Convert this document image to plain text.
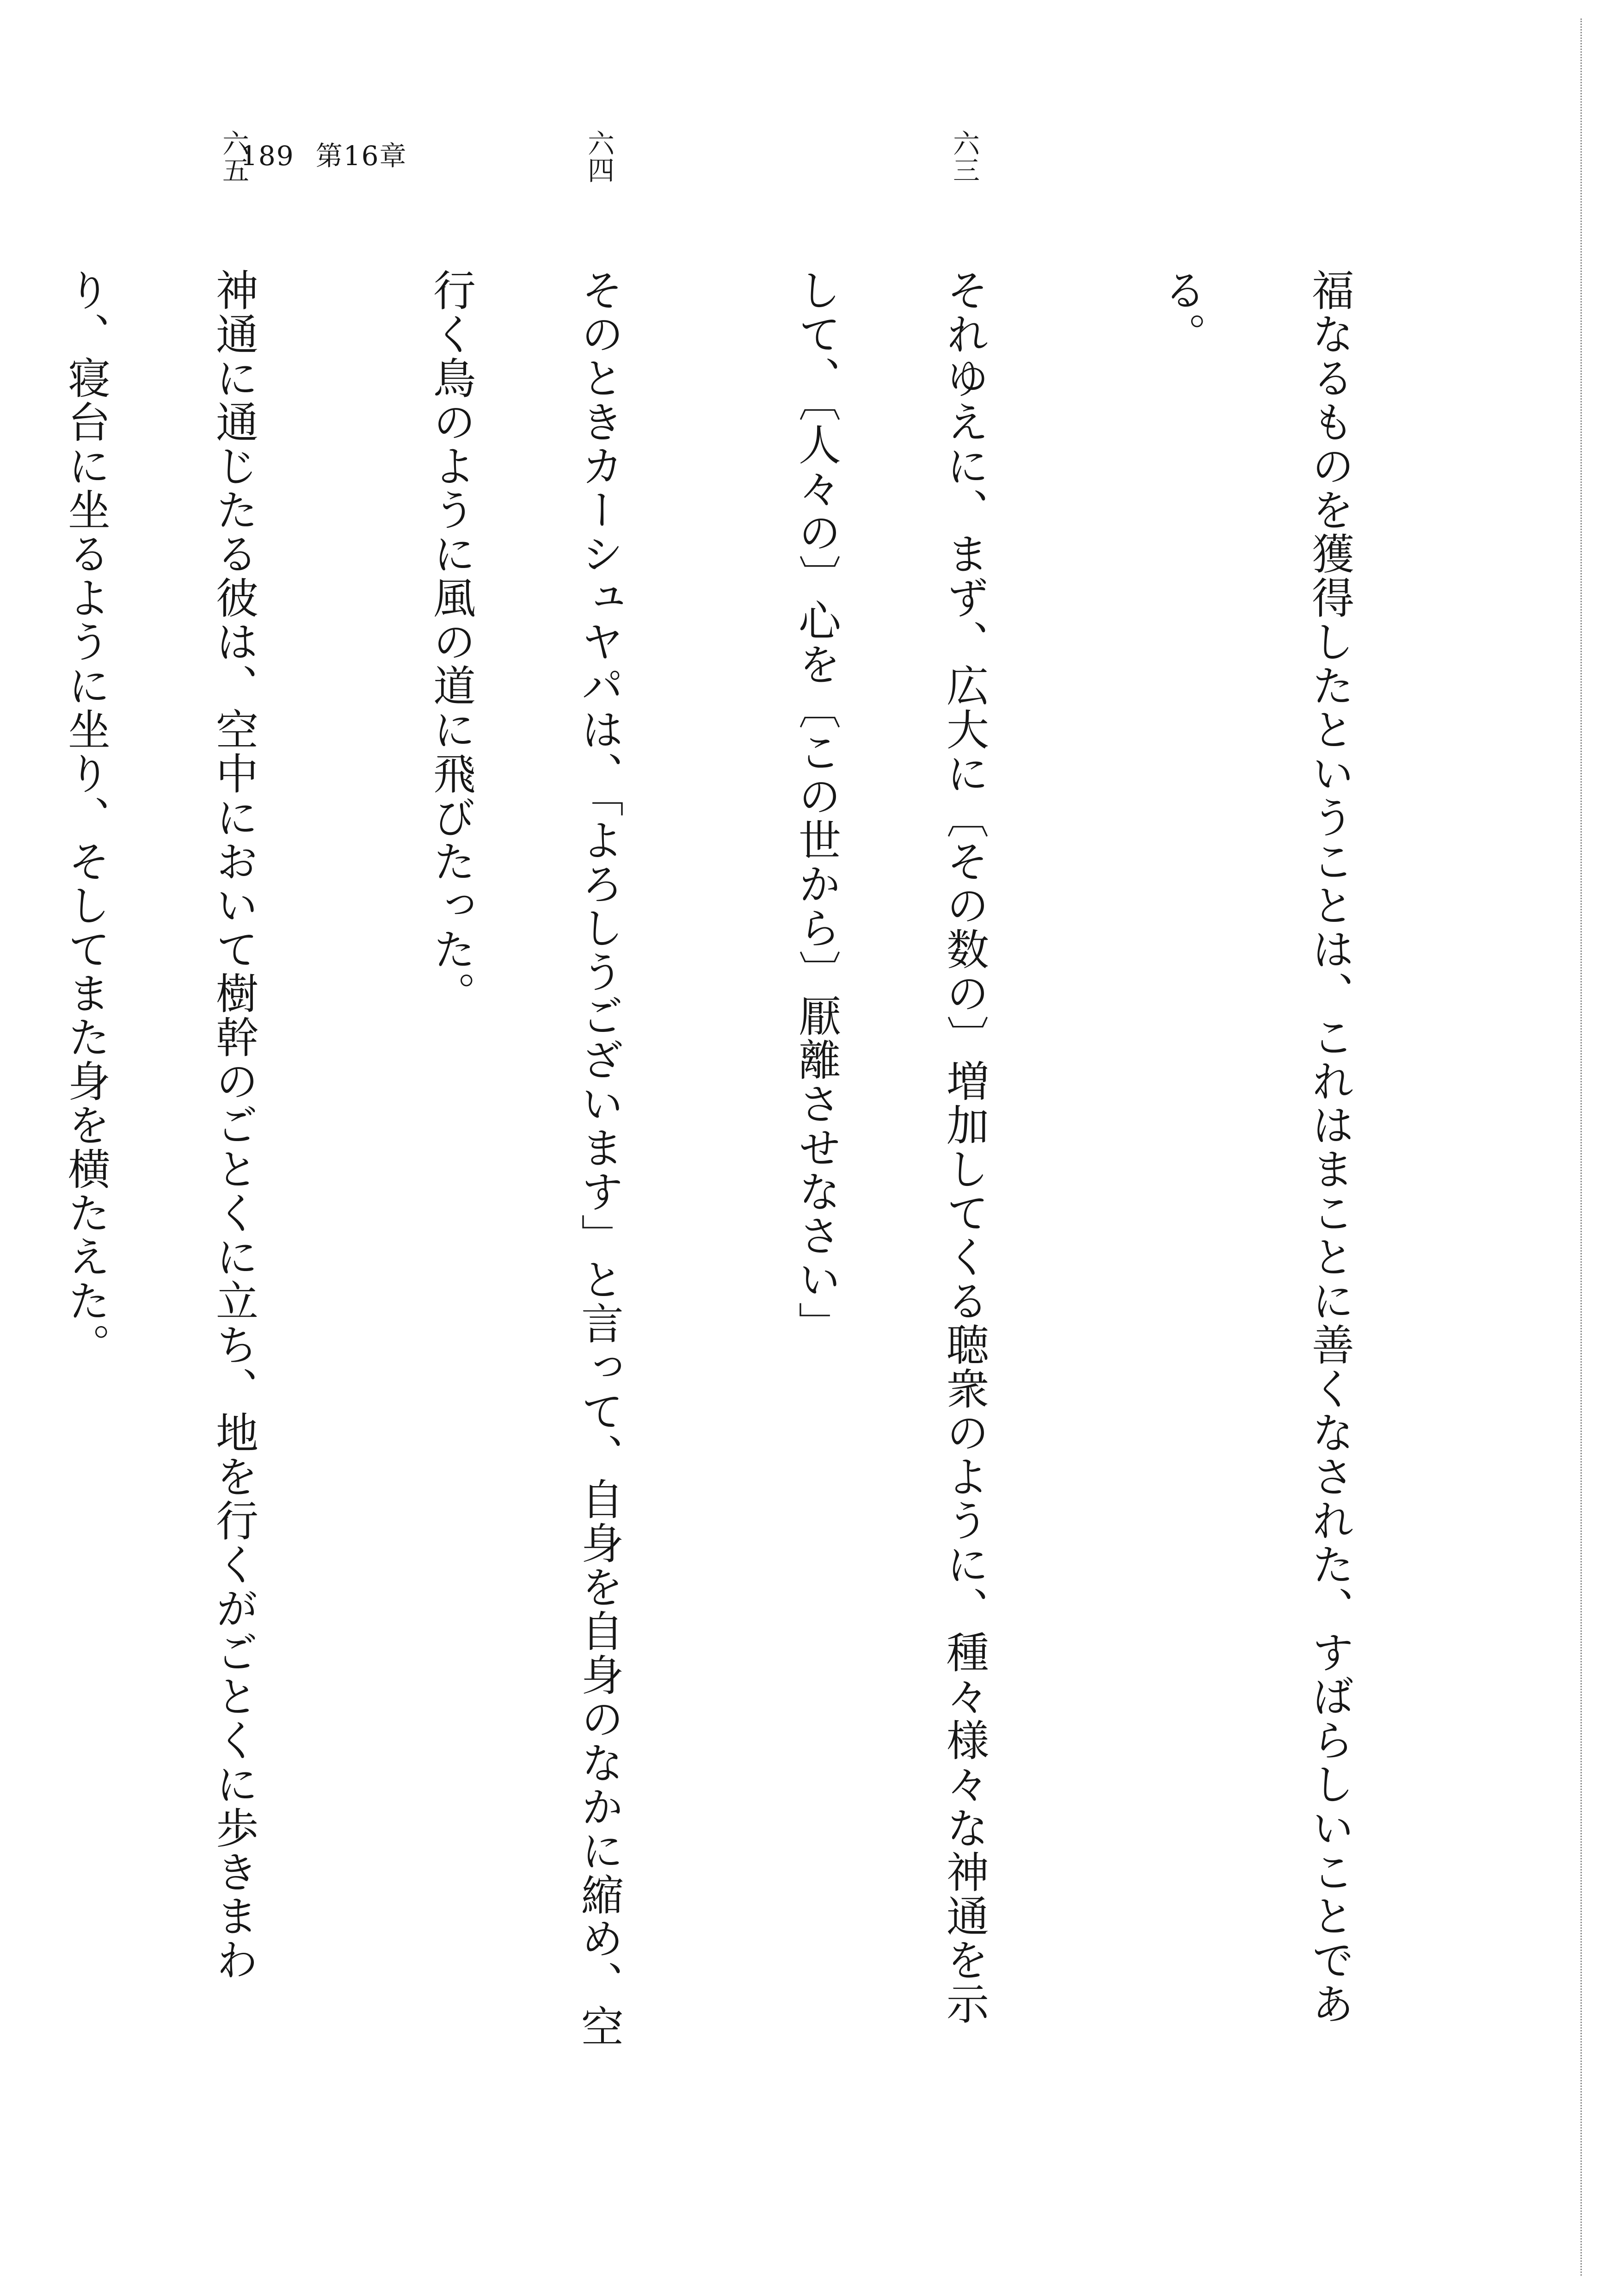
189 第16章

福なるものを獲得したということは、これはまことに善くなされた、すばらしいことである。

六三それゆえに、まず、広大に〔その数の〕増加してくる聴衆のように、種々様々な神通を示して、〔人々の〕心を〔この世から〕厭離させなさい」

六四そのときカーシュヤパは、「よろしうございます」と言って、自身を自身のなかに縮め、空行く鳥のように風の道に飛びたった。

六五神通に通じたる彼は、空中において樹幹のごとくに立ち、地を行くがごとくに歩きまわり、寝台に坐るように坐り、そしてまた身を横たえた。
